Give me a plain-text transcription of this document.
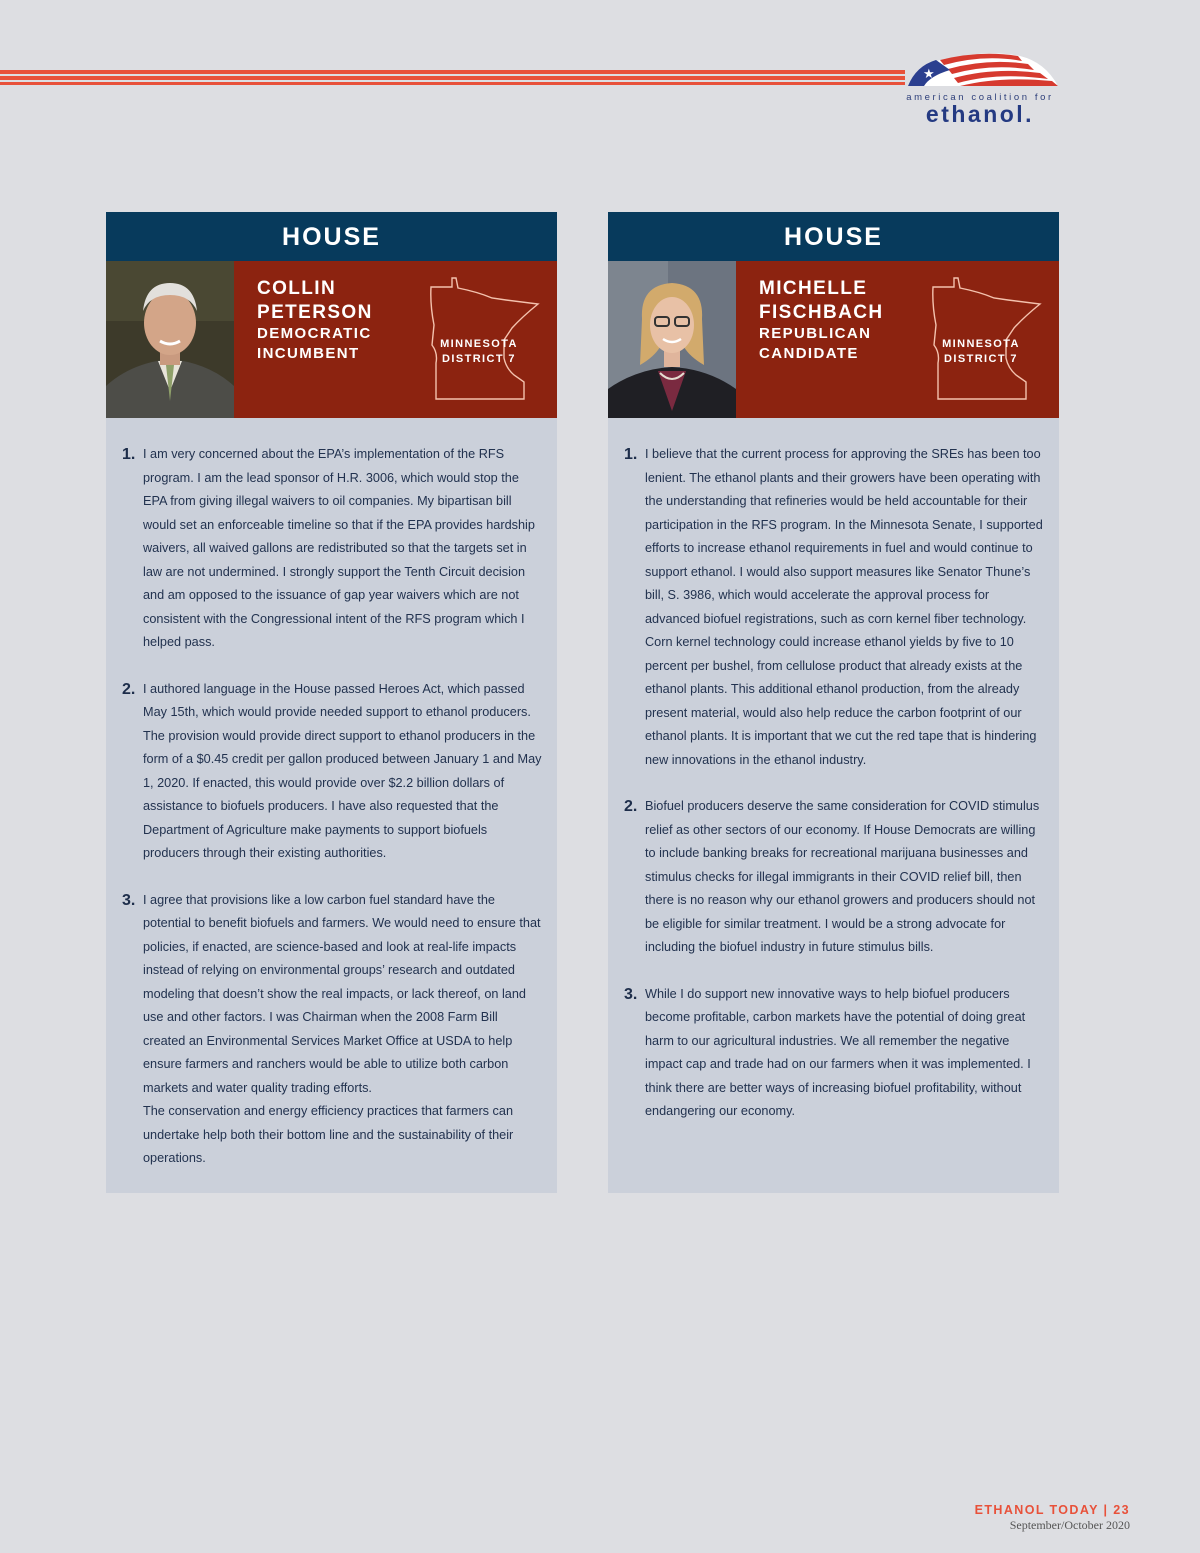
★
american coalition for
ethanol.
HOUSE
COLLIN
PETERSON
DEMOCRATIC
INCUMBENT
MINNESOTA
DISTRICT 7
1. I am very concerned about the EPA’s implementation of the RFS program. I am the lead sponsor of H.R. 3006, which would stop the EPA from giving illegal waivers to oil companies. My bipartisan bill would set an enforceable timeline so that if the EPA provides hardship waivers, all waived gallons are redistributed so that the targets set in law are not undermined. I strongly support the Tenth Circuit decision and am opposed to the issuance of gap year waivers which are not consistent with the Congressional intent of the RFS program which I helped pass.
2. I authored language in the House passed Heroes Act, which passed May 15th, which would provide needed support to ethanol producers. The provision would provide direct support to ethanol producers in the form of a $0.45 credit per gallon produced between January 1 and May 1, 2020. If enacted, this would provide over $2.2 billion dollars of assistance to biofuels producers. I have also requested that the Department of Agriculture make payments to support biofuels producers through their existing authorities.
3. I agree that provisions like a low carbon fuel standard have the potential to benefit biofuels and farmers. We would need to ensure that policies, if enacted, are science-based and look at real-life impacts instead of relying on environmental groups’ research and outdated modeling that doesn’t show the real impacts, or lack thereof, on land use and other factors. I was Chairman when the 2008 Farm Bill created an Environmental Services Market Office at USDA to help ensure farmers and ranchers would be able to utilize both carbon markets and water quality trading efforts.
The conservation and energy efficiency practices that farmers can undertake help both their bottom line and the sustainability of their operations.
HOUSE
MICHELLE
FISCHBACH
REPUBLICAN
CANDIDATE
MINNESOTA
DISTRICT 7
1. I believe that the current process for approving the SREs has been too lenient. The ethanol plants and their growers have been operating with the understanding that refineries would be held accountable for their participation in the RFS program. In the Minnesota Senate, I supported efforts to increase ethanol requirements in fuel and would continue to support ethanol. I would also support measures like Senator Thune’s bill, S. 3986, which would accelerate the approval process for advanced biofuel registrations, such as corn kernel fiber technology. Corn kernel technology could increase ethanol yields by five to 10 percent per bushel, from cellulose product that already exists at the ethanol plants. This additional ethanol production, from the already present material, would also help reduce the carbon footprint of our ethanol plants. It is important that we cut the red tape that is hindering new innovations in the ethanol industry.
2. Biofuel producers deserve the same consideration for COVID stimulus relief as other sectors of our economy. If House Democrats are willing to include banking breaks for recreational marijuana businesses and stimulus checks for illegal immigrants in their COVID relief bill, then there is no reason why our ethanol growers and producers should not be eligible for similar treatment. I would be a strong advocate for including the biofuel industry in future stimulus bills.
3. While I do support new innovative ways to help biofuel producers become profitable, carbon markets have the potential of doing great harm to our agricultural industries. We all remember the negative impact cap and trade had on our farmers when it was implemented. I think there are better ways of increasing biofuel profitability, without endangering our economy.
ETHANOL TODAY | 23
September/October 2020
